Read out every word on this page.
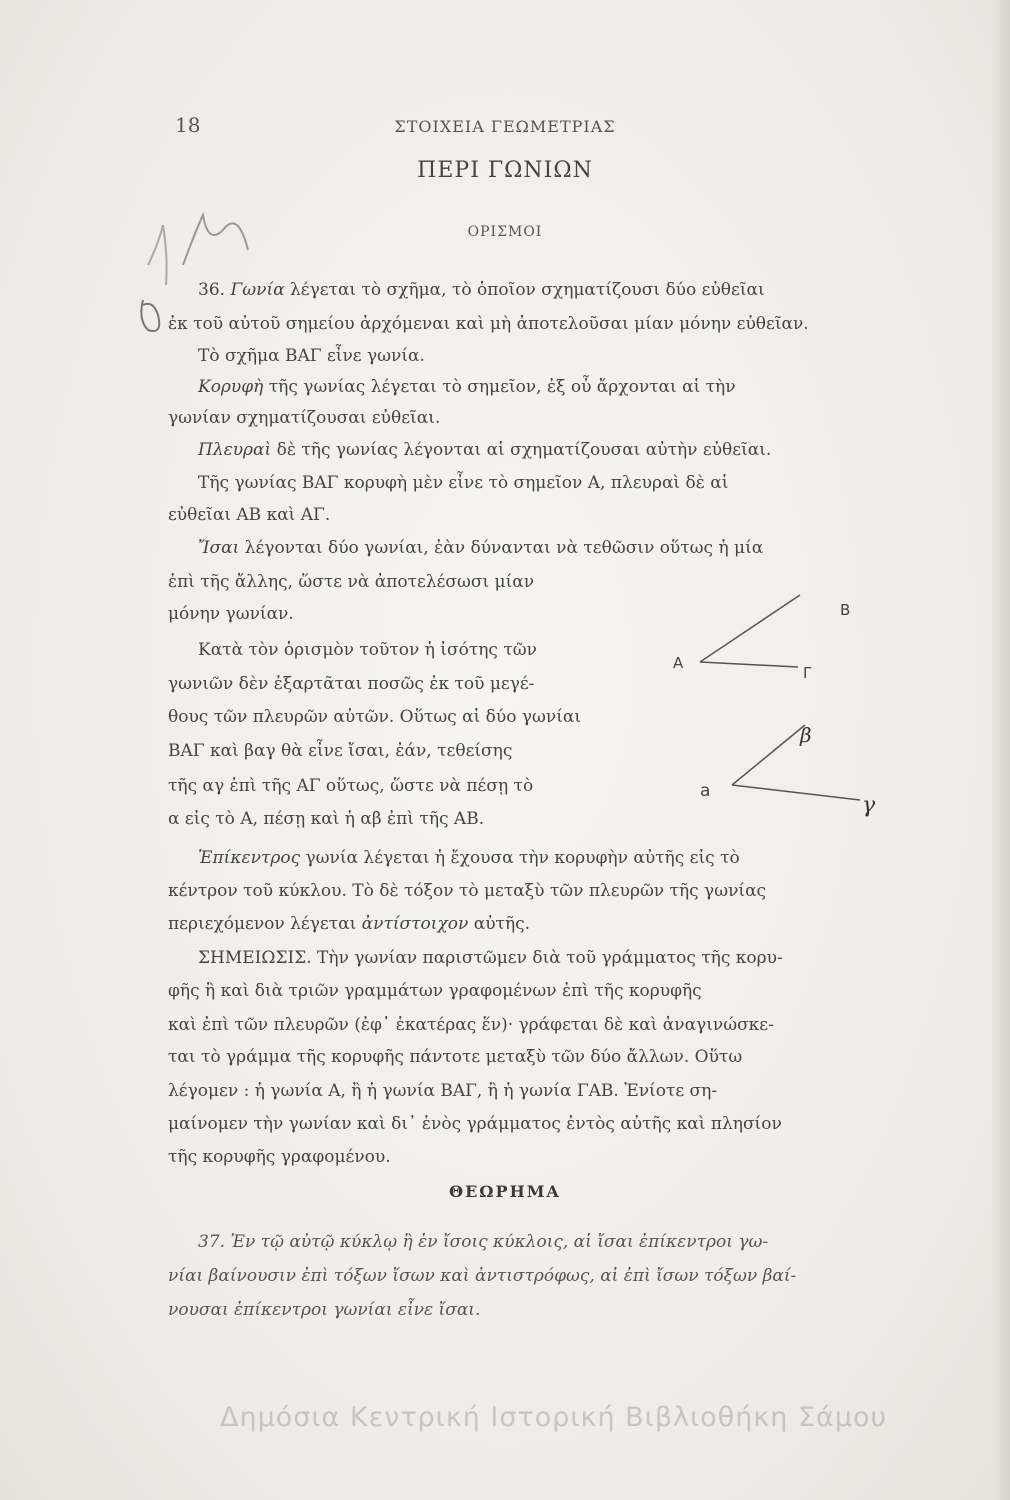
18	ΣΤΟΙΧΕΙΑ ΓΕΩΜΕΤΡΙΑΣ
ΠΕΡΙ ΓΩΝΙΩΝ
ΟΡΙΣΜΟΙ
36. Γωνία λέγεται τὸ σχῆμα, τὸ ὁποῖον σχηματίζουσι δύο εὐθεῖαι
ἐκ τοῦ αὐτοῦ σημείου ἀρχόμεναι καὶ μὴ ἀποτελοῦσαι μίαν μόνην εὐθεῖαν.
Τὸ σχῆμα ΒΑΓ εἶνε γωνία.
Κορυφὴ τῆς γωνίας λέγεται τὸ σημεῖον, ἐξ οὗ ἄρχονται αἱ τὴν
γωνίαν σχηματίζουσαι εὐθεῖαι.
Πλευραὶ δὲ τῆς γωνίας λέγονται αἱ σχηματίζουσαι αὐτὴν εὐθεῖαι.
Τῆς γωνίας ΒΑΓ κορυφὴ μὲν εἶνε τὸ σημεῖον Α, πλευραὶ δὲ αἱ
εὐθεῖαι ΑΒ καὶ ΑΓ.
Ἴσαι λέγονται δύο γωνίαι, ἐὰν δύνανται νὰ τεθῶσιν οὕτως ἡ μία
ἐπὶ τῆς ἄλλης, ὥστε νὰ ἀποτελέσωσι μίαν
μόνην γωνίαν.
Κατὰ τὸν ὁρισμὸν τοῦτον ἡ ἰσότης τῶν
γωνιῶν δὲν ἐξαρτᾶται ποσῶς ἐκ τοῦ μεγέ-
θους τῶν πλευρῶν αὐτῶν. Οὕτως αἱ δύο γωνίαι
ΒΑΓ καὶ βαγ θὰ εἶνε ἴσαι, ἐάν, τεθείσης
τῆς αγ ἐπὶ τῆς ΑΓ οὕτως, ὥστε νὰ πέσῃ τὸ
α εἰς τὸ Α, πέσῃ καὶ ἡ αβ ἐπὶ τῆς ΑΒ.
Ἐπίκεντρος γωνία λέγεται ἡ ἔχουσα τὴν κορυφὴν αὐτῆς εἰς τὸ
κέντρον τοῦ κύκλου. Τὸ δὲ τόξον τὸ μεταξὺ τῶν πλευρῶν τῆς γωνίας
περιεχόμενον λέγεται ἀντίστοιχον αὐτῆς.
ΣΗΜΕΙΩΣΙΣ. Τὴν γωνίαν παριστῶμεν διὰ τοῦ γράμματος τῆς κορυ-
φῆς ἢ καὶ διὰ τριῶν γραμμάτων γραφομένων ἐπὶ τῆς κορυφῆς
καὶ ἐπὶ τῶν πλευρῶν (ἐφ᾽ ἑκατέρας ἕν)· γράφεται δὲ καὶ ἀναγινώσκε-
ται τὸ γράμμα τῆς κορυφῆς πάντοτε μεταξὺ τῶν δύο ἄλλων. Οὕτω
λέγομεν : ἡ γωνία Α, ἢ ἡ γωνία ΒΑΓ, ἢ ἡ γωνία ΓΑΒ. Ἐνίοτε ση-
μαίνομεν τὴν γωνίαν καὶ δι᾽ ἑνὸς γράμματος ἐντὸς αὐτῆς καὶ πλησίον
τῆς κορυφῆς γραφομένου.
B
A
Γ
β
a
γ
ΘΕΩΡΗΜΑ
37. Ἐν τῷ αὐτῷ κύκλῳ ἢ ἐν ἴσοις κύκλοις, αἱ ἴσαι ἐπίκεντροι γω-
νίαι βαίνουσιν ἐπὶ τόξων ἴσων καὶ ἀντιστρόφως, αἱ ἐπὶ ἴσων τόξων βαί-
νουσαι ἐπίκεντροι γωνίαι εἶνε ἴσαι.
Δημόσια Κεντρική Ιστορική Βιβλιοθήκη Σάμου
